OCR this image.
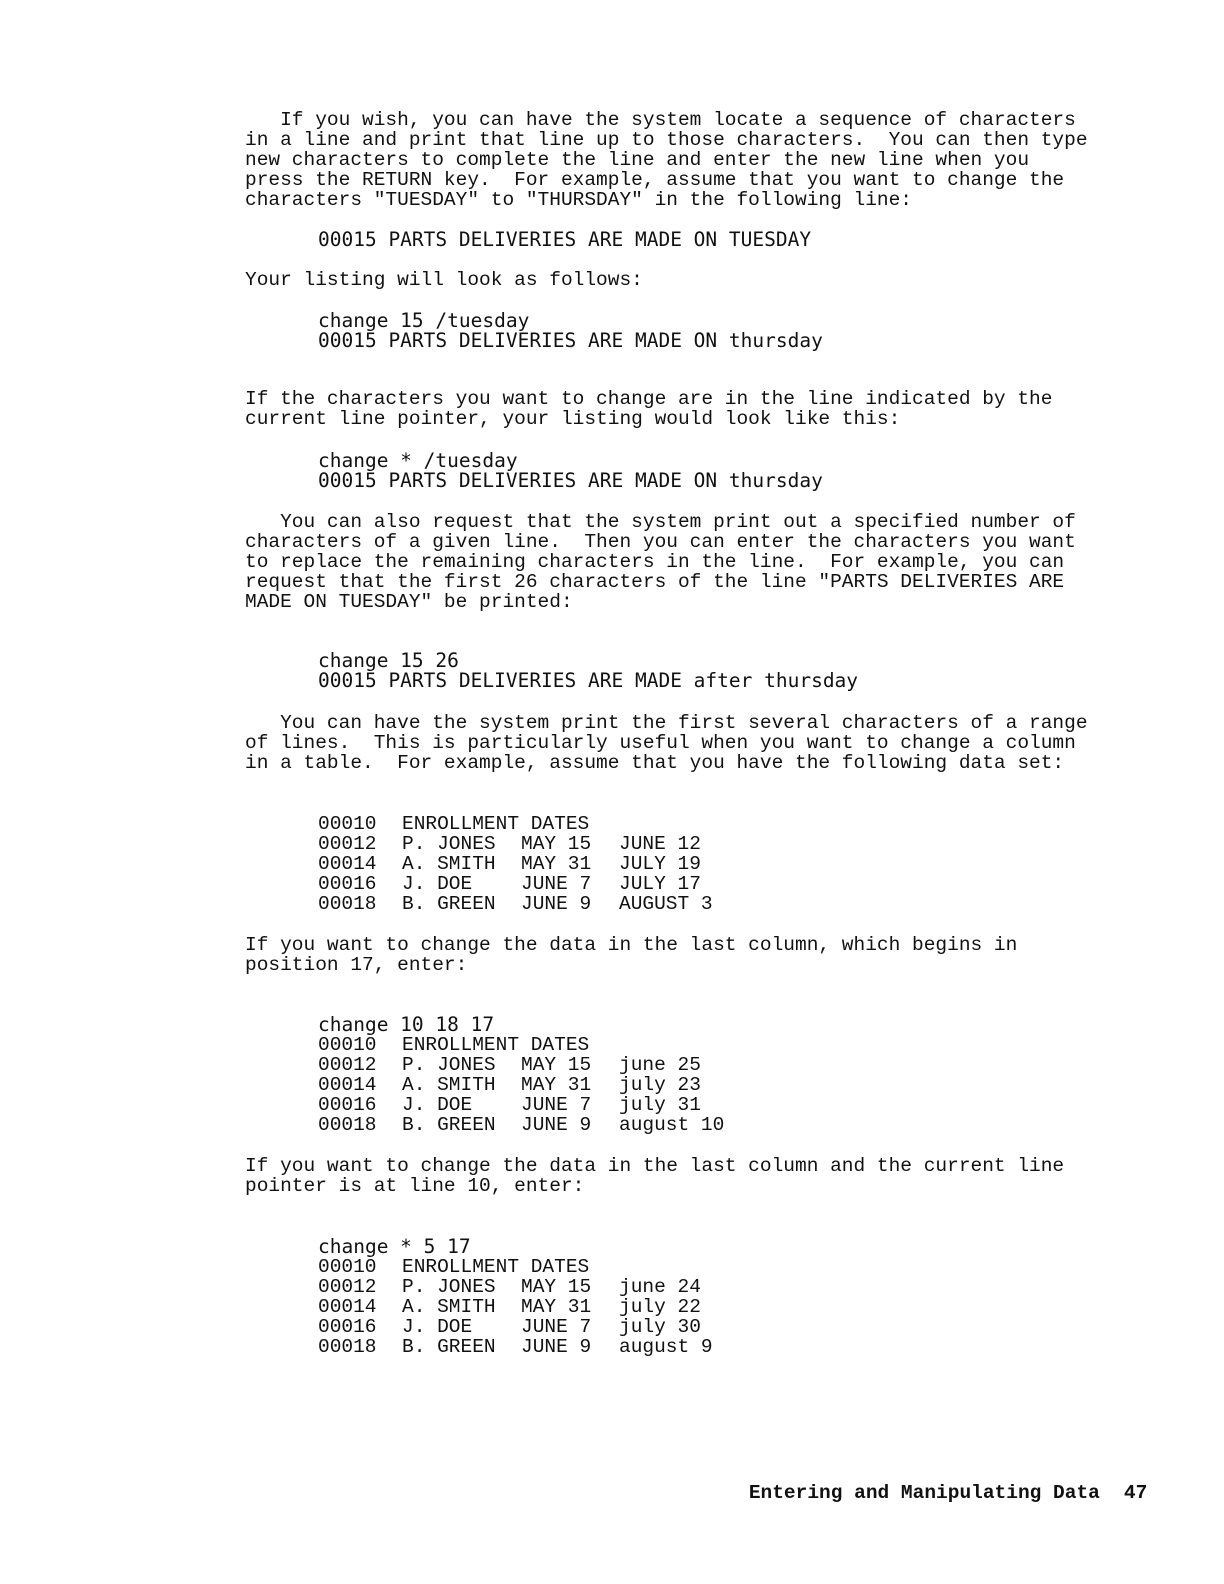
If you wish, you can have the system locate a sequence of characters
in a line and print that line up to those characters.  You can then type
new characters to complete the line and enter the new line when you
press the RETURN key.  For example, assume that you want to change the
characters "TUESDAY" to "THURSDAY" in the following line:

00015 PARTS DELIVERIES ARE MADE ON TUESDAY

Your listing will look as follows:

change 15 /tuesday
00015 PARTS DELIVERIES ARE MADE ON thursday

If the characters you want to change are in the line indicated by the
current line pointer, your listing would look like this:

change * /tuesday
00015 PARTS DELIVERIES ARE MADE ON thursday

You can also request that the system print out a specified number of
characters of a given line.  Then you can enter the characters you want
to replace the remaining characters in the line.  For example, you can
request that the first 26 characters of the line "PARTS DELIVERIES ARE
MADE ON TUESDAY" be printed:

change 15 26
00015 PARTS DELIVERIES ARE MADE after thursday

You can have the system print the first several characters of a range
of lines.  This is particularly useful when you want to change a column
in a table.  For example, assume that you have the following data set:

00010	ENROLLMENT DATES		
00012	P. JONES	MAY 15	JUNE 12
00014	A. SMITH	MAY 31	JULY 19
00016	J. DOE	JUNE 7	JULY 17
00018	B. GREEN	JUNE 9	AUGUST 3

If you want to change the data in the last column, which begins in
position 17, enter:

change 10 18 17
00010	ENROLLMENT DATES		
00012	P. JONES	MAY 15	june 25
00014	A. SMITH	MAY 31	july 23
00016	J. DOE	JUNE 7	july 31
00018	B. GREEN	JUNE 9	august 10

If you want to change the data in the last column and the current line
pointer is at line 10, enter:

change * 5 17
00010	ENROLLMENT DATES		
00012	P. JONES	MAY 15	june 24
00014	A. SMITH	MAY 31	july 22
00016	J. DOE	JUNE 7	july 30
00018	B. GREEN	JUNE 9	august 9

Entering and Manipulating Data 47
